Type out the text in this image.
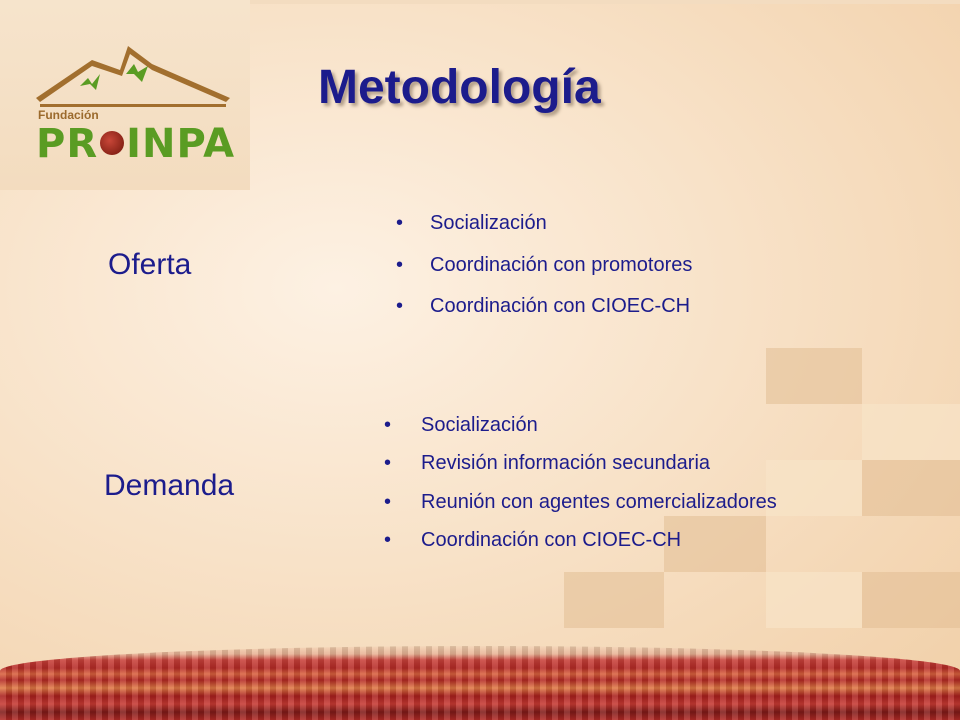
Fundación
PR INPA
Metodología
Oferta
• Socialización
• Coordinación con promotores
• Coordinación con CIOEC-CH
Demanda
• Socialización
• Revisión información secundaria
• Reunión con agentes comercializadores
• Coordinación con CIOEC-CH
